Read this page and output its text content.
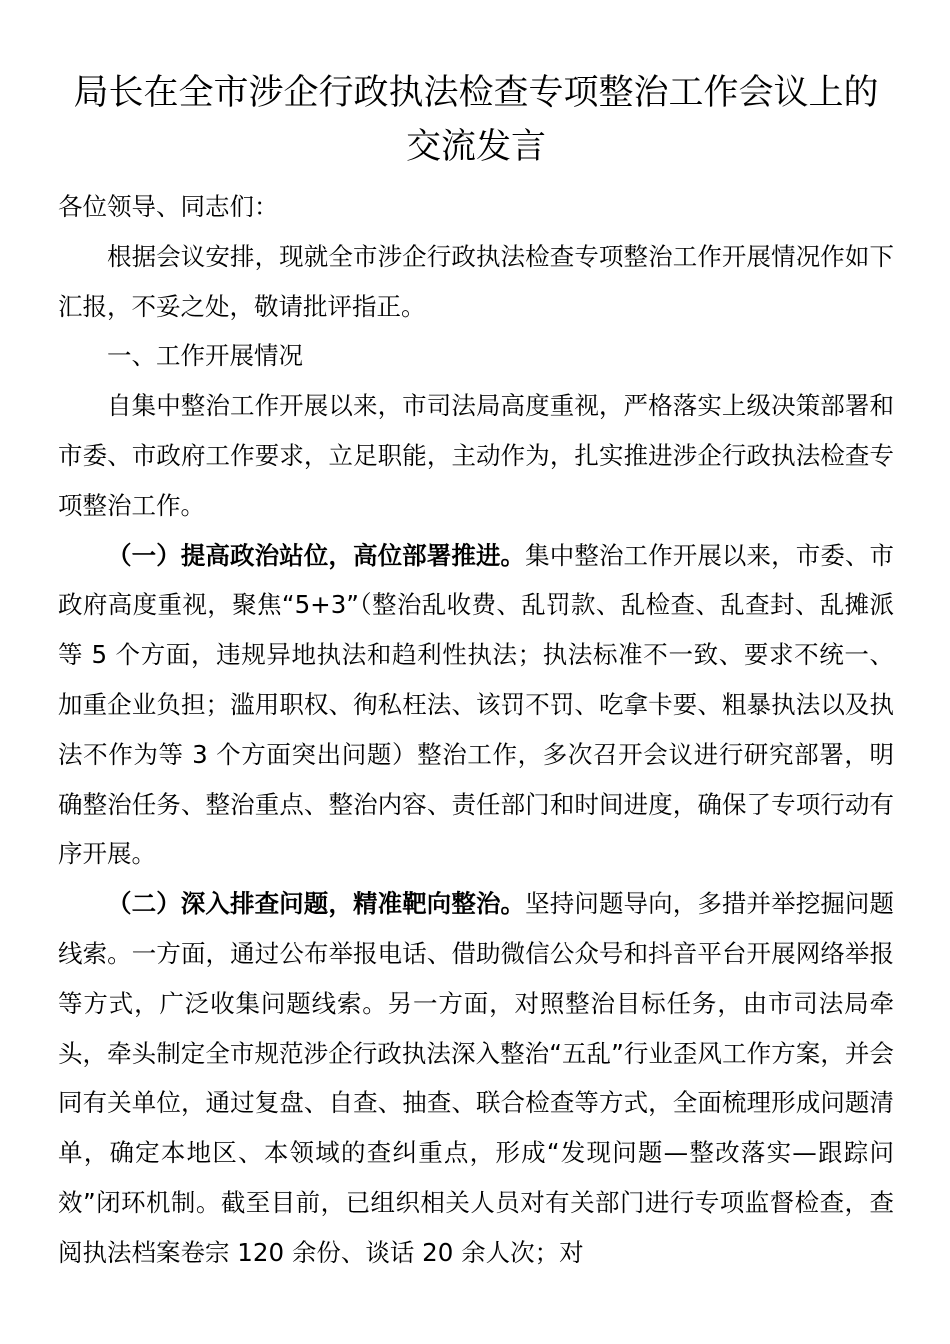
局长在全市涉企行政执法检查专项整治工作会议上的交流发言

各位领导、同志们：

根据会议安排，现就全市涉企行政执法检查专项整治工作开展情况作如下汇报，不妥之处，敬请批评指正。

一、工作开展情况

自集中整治工作开展以来，市司法局高度重视，严格落实上级决策部署和市委、市政府工作要求，立足职能，主动作为，扎实推进涉企行政执法检查专项整治工作。

（一）提高政治站位，高位部署推进。集中整治工作开展以来，市委、市政府高度重视，聚焦“5+3”（整治乱收费、乱罚款、乱检查、乱查封、乱摊派等 5 个方面，违规异地执法和趋利性执法；执法标准不一致、要求不统一、加重企业负担；滥用职权、徇私枉法、该罚不罚、吃拿卡要、粗暴执法以及执法不作为等 3 个方面突出问题）整治工作，多次召开会议进行研究部署，明确整治任务、整治重点、整治内容、责任部门和时间进度，确保了专项行动有序开展。

（二）深入排查问题，精准靶向整治。坚持问题导向，多措并举挖掘问题线索。一方面，通过公布举报电话、借助微信公众号和抖音平台开展网络举报等方式，广泛收集问题线索。另一方面，对照整治目标任务，由市司法局牵头，牵头制定全市规范涉企行政执法深入整治“五乱”行业歪风工作方案，并会同有关单位，通过复盘、自查、抽查、联合检查等方式，全面梳理形成问题清单，确定本地区、本领域的查纠重点，形成“发现问题—整改落实—跟踪问效”闭环机制。截至目前，已组织相关人员对有关部门进行专项监督检查，查阅执法档案卷宗 120 余份、谈话 20 余人次；对
